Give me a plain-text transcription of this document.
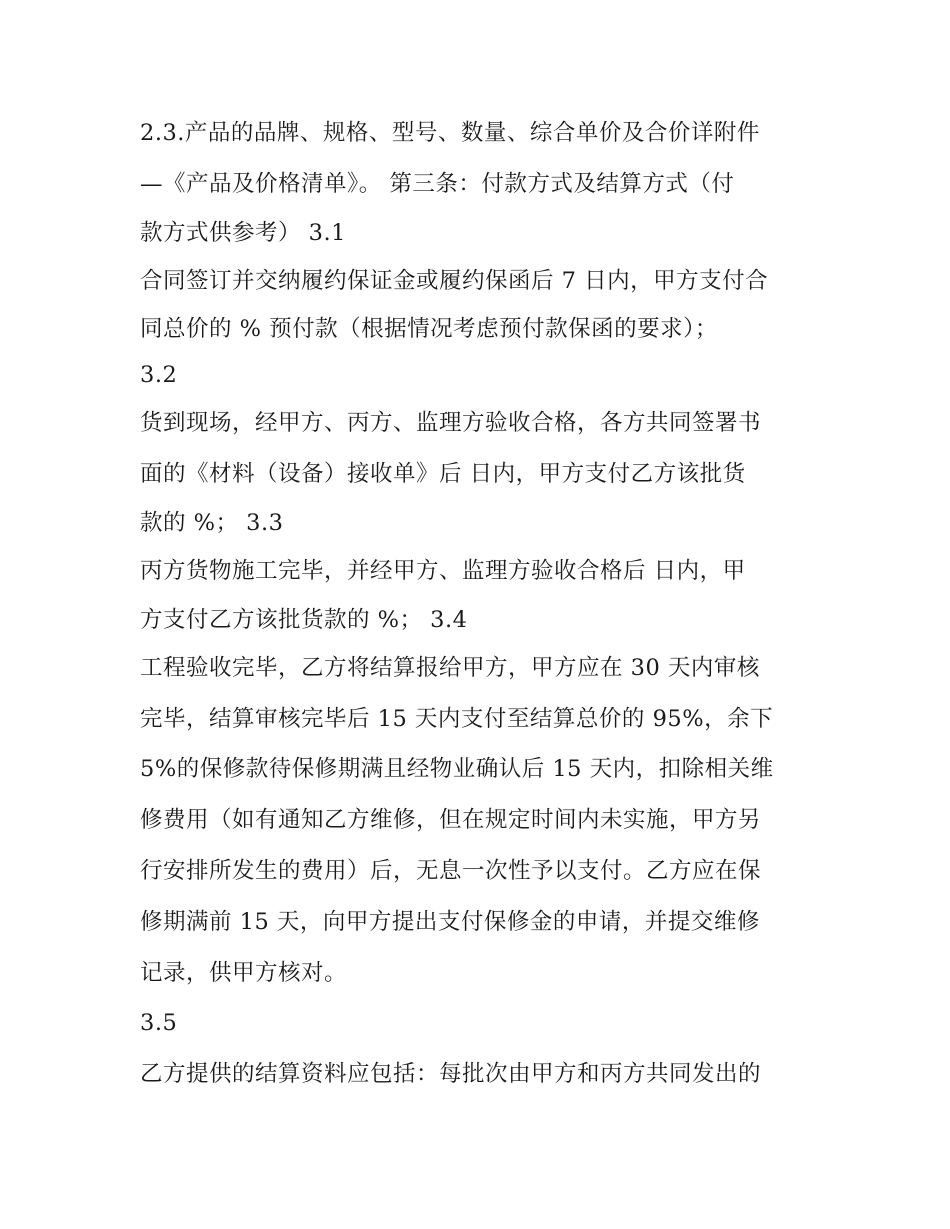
2.3.产品的品牌、规格、型号、数量、综合单价及合价详附件
—《产品及价格清单》。 第三条：付款方式及结算方式（付
款方式供参考） 3.1
合同签订并交纳履约保证金或履约保函后 7 日内，甲方支付合
同总价的 % 预付款（根据情况考虑预付款保函的要求）；
3.2
货到现场，经甲方、丙方、监理方验收合格，各方共同签署书
面的《材料（设备）接收单》后 日内，甲方支付乙方该批货
款的 %； 3.3
丙方货物施工完毕，并经甲方、监理方验收合格后 日内，甲
方支付乙方该批货款的 %； 3.4
工程验收完毕，乙方将结算报给甲方，甲方应在 30 天内审核
完毕，结算审核完毕后 15 天内支付至结算总价的 95%，余下
5%的保修款待保修期满且经物业确认后 15 天内，扣除相关维
修费用（如有通知乙方维修，但在规定时间内未实施，甲方另
行安排所发生的费用）后，无息一次性予以支付。乙方应在保
修期满前 15 天，向甲方提出支付保修金的申请，并提交维修
记录，供甲方核对。
3.5
乙方提供的结算资料应包括：每批次由甲方和丙方共同发出的
